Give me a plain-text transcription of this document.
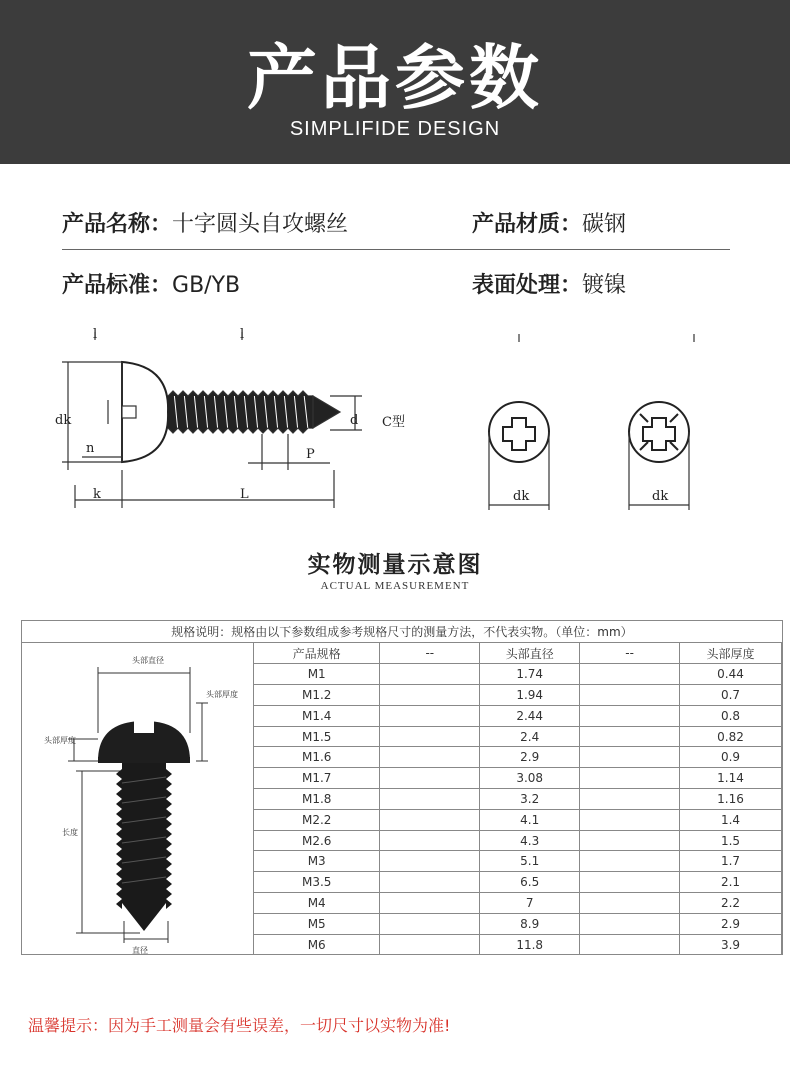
产品参数
SIMPLIFIDE DESIGN
产品名称：十字圆头自攻螺丝	产品材质：碳钢
产品标准：GB/YB	表面处理：镀镍
l	l
dk
n
d C型
P
k	L	dk	dk
实物测量示意图
ACTUAL MEASUREMENT
规格说明：规格由以下参数组成参考规格尺寸的测量方法，不代表实物。（单位：mm）
头部直径
头部厚度
头部厚度
长度
直径
产品规格	--	头部直径	--	头部厚度
M1		1.74		0.44
M1.2		1.94		0.7
M1.4		2.44		0.8
M1.5		2.4		0.82
M1.6		2.9		0.9
M1.7		3.08		1.14
M1.8		3.2		1.16
M2.2		4.1		1.4
M2.6		4.3		1.5
M3		5.1		1.7
M3.5		6.5		2.1
M4		7		2.2
M5		8.9		2.9
M6		11.8		3.9
温馨提示：因为手工测量会有些误差，一切尺寸以实物为准!
